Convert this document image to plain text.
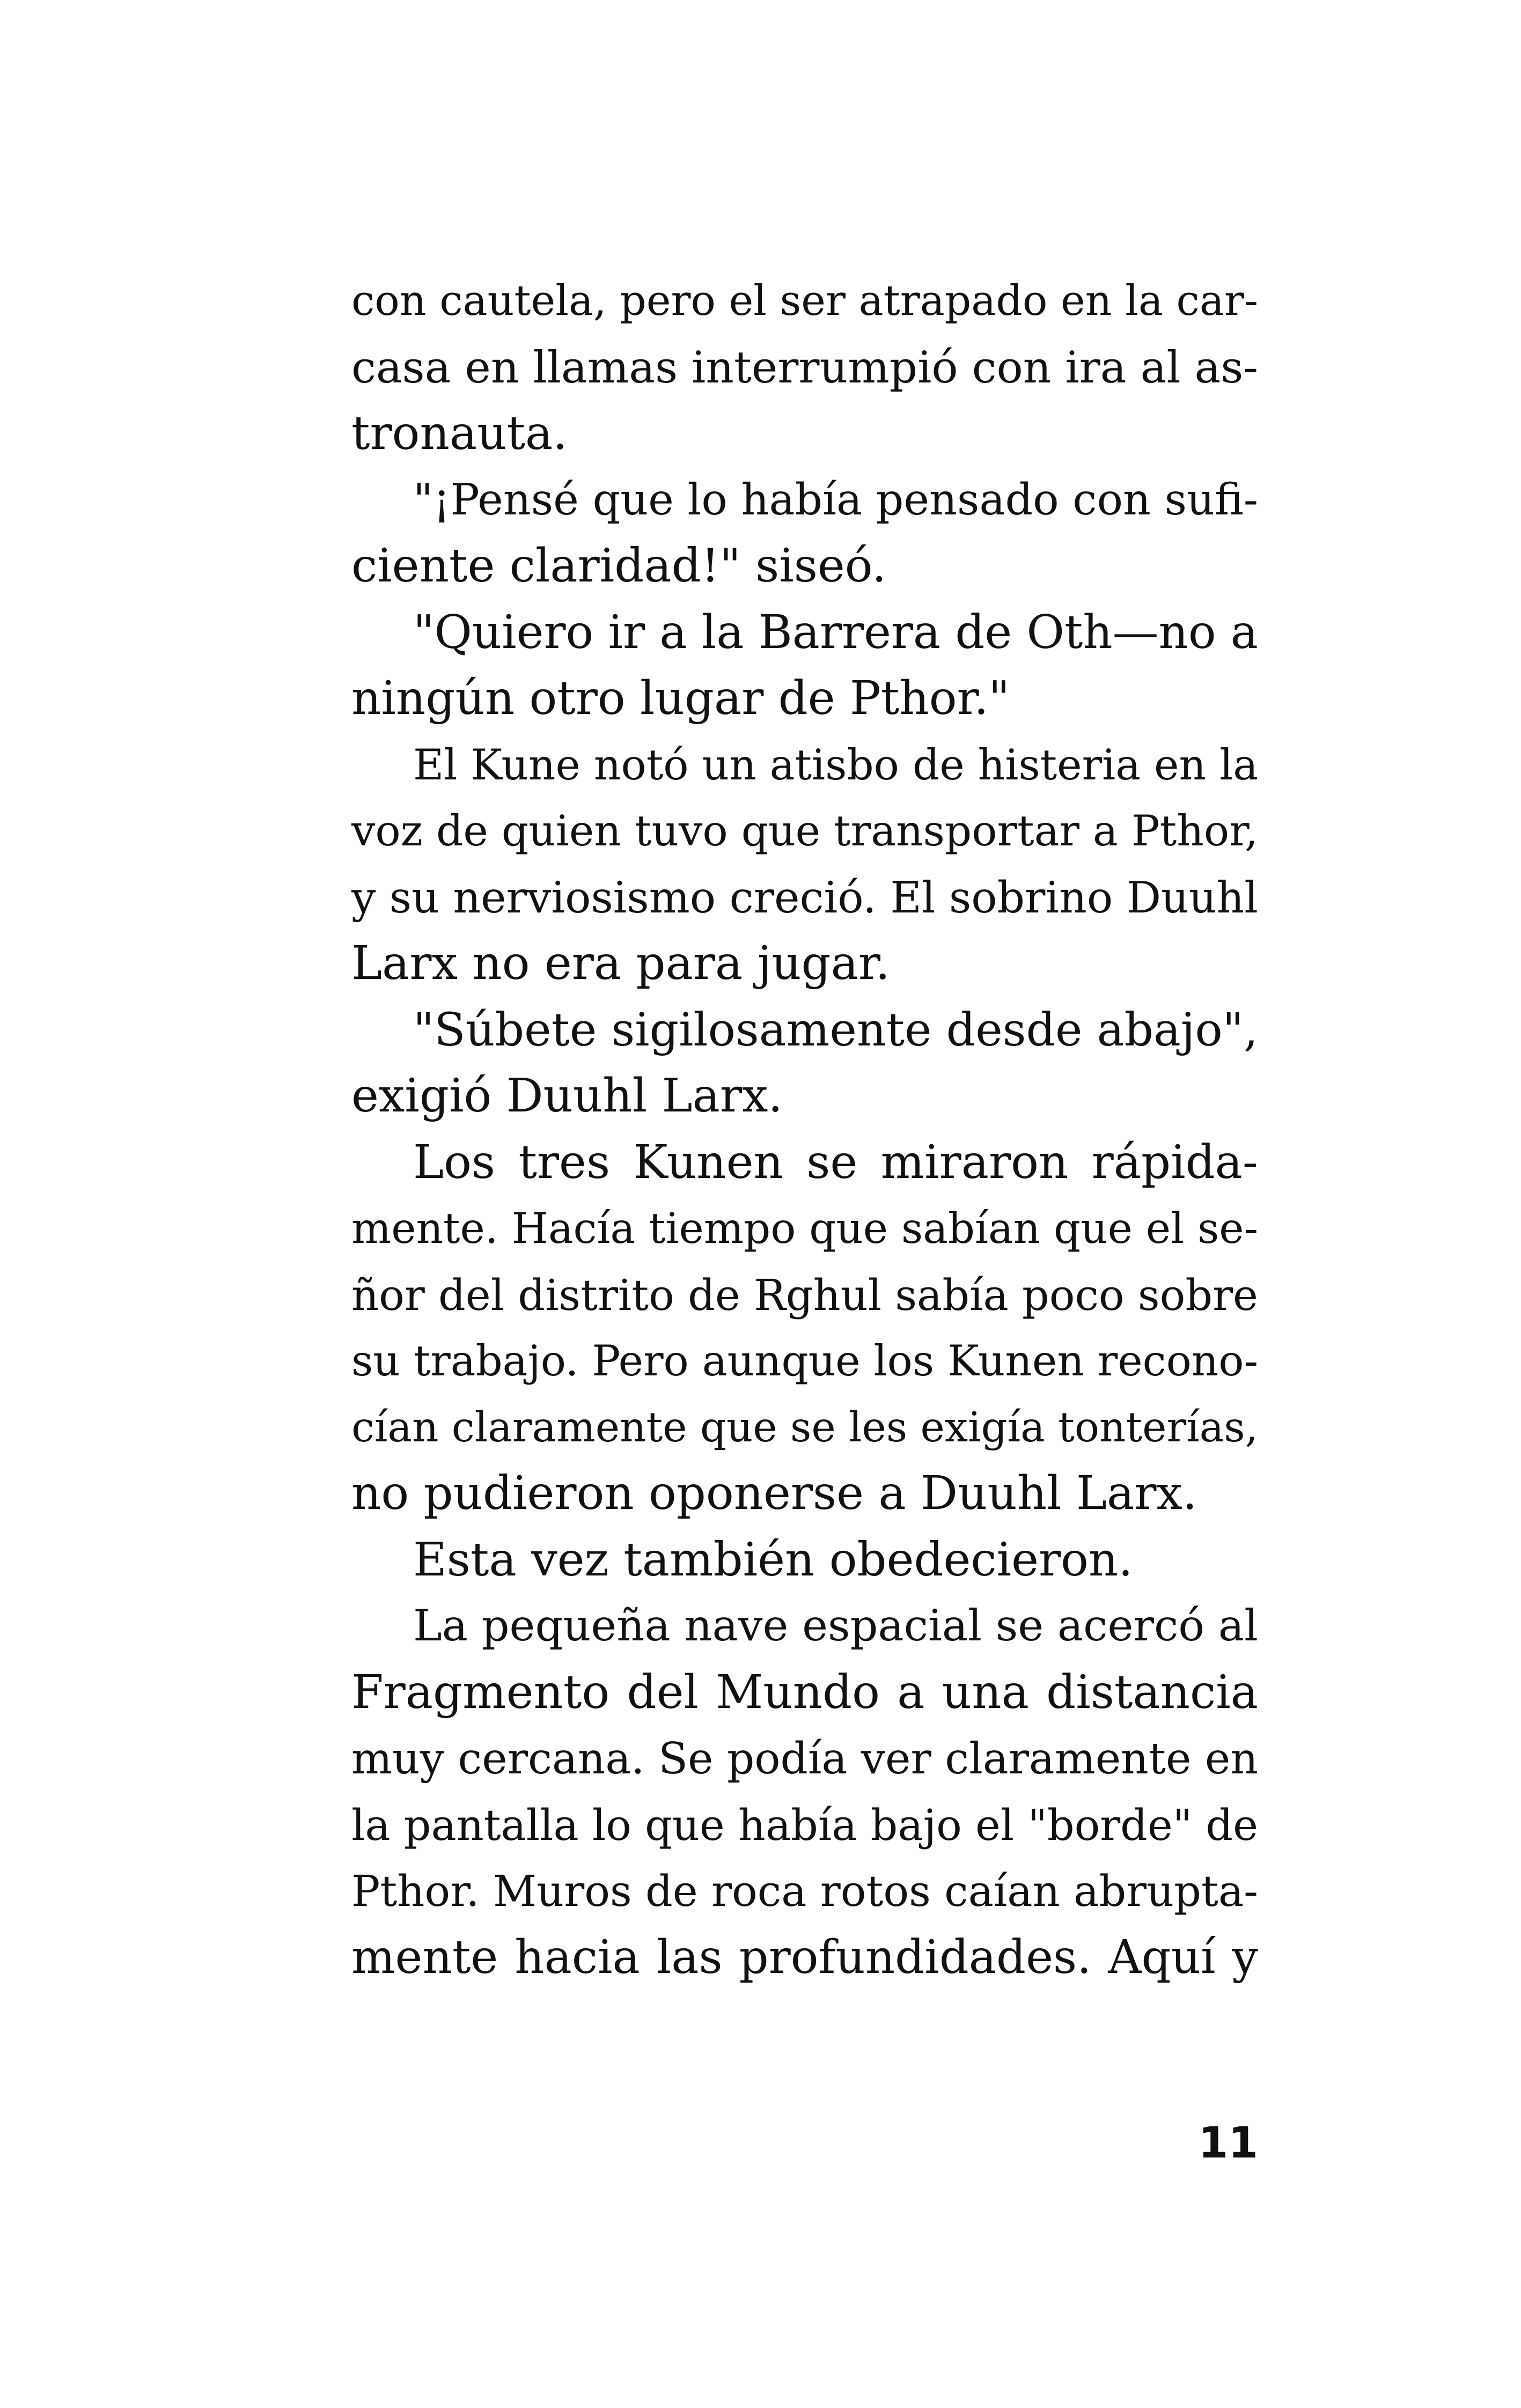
con cautela, pero el ser atrapado en la car-
casa en llamas interrumpió con ira al as-
tronauta.
"¡Pensé que lo había pensado con sufi-
ciente claridad!" siseó.
"Quiero ir a la Barrera de Oth—no a
ningún otro lugar de Pthor."
El Kune notó un atisbo de histeria en la
voz de quien tuvo que transportar a Pthor,
y su nerviosismo creció. El sobrino Duuhl
Larx no era para jugar.
"Súbete sigilosamente desde abajo",
exigió Duuhl Larx.
Los tres Kunen se miraron rápida-
mente. Hacía tiempo que sabían que el se-
ñor del distrito de Rghul sabía poco sobre
su trabajo. Pero aunque los Kunen recono-
cían claramente que se les exigía tonterías,
no pudieron oponerse a Duuhl Larx.
Esta vez también obedecieron.
La pequeña nave espacial se acercó al
Fragmento del Mundo a una distancia
muy cercana. Se podía ver claramente en
la pantalla lo que había bajo el "borde" de
Pthor. Muros de roca rotos caían abrupta-
mente hacia las profundidades. Aquí y
11
